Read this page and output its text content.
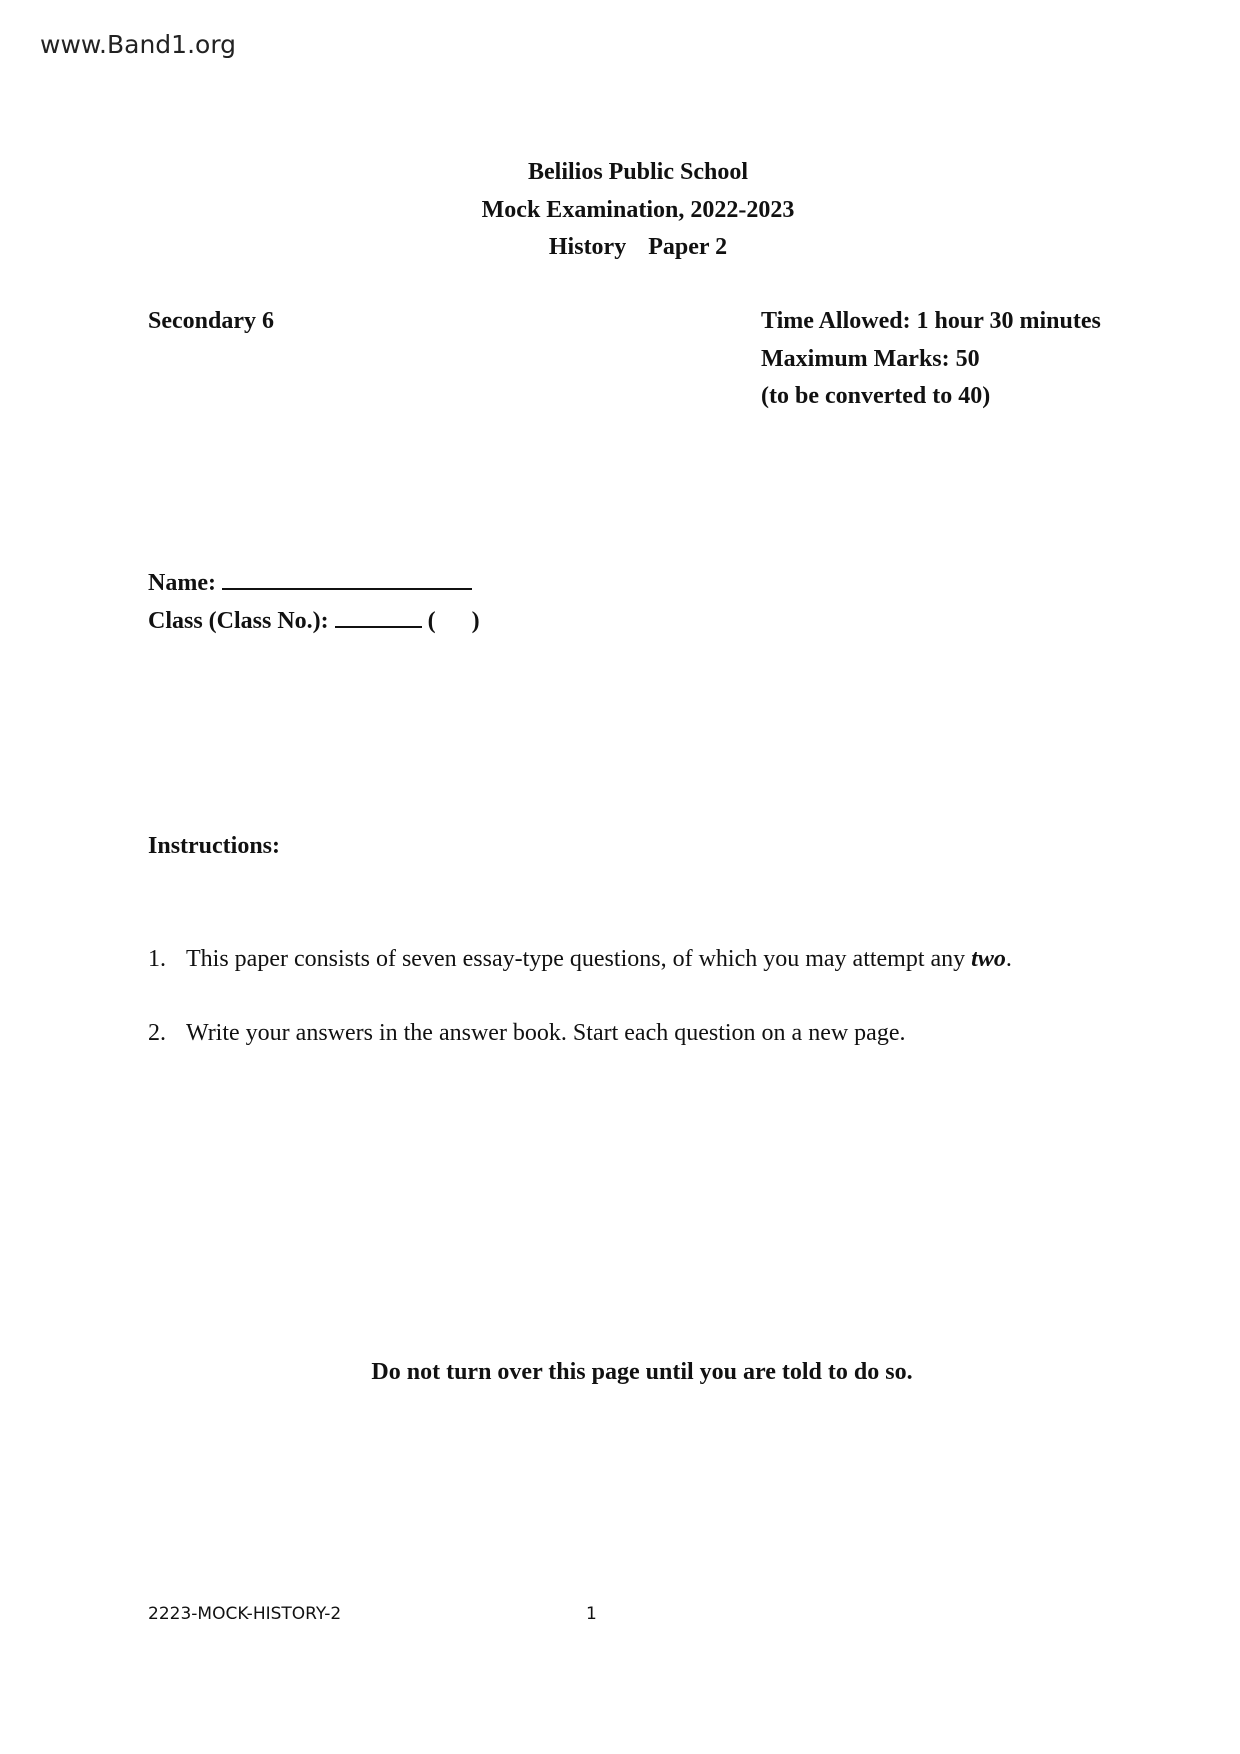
www.Band1.org
Belilios Public School
Mock Examination, 2022-2023
History Paper 2
Secondary 6	Time Allowed: 1 hour 30 minutes
Maximum Marks: 50
(to be converted to 40)
Name:
Class (Class No.):	( )
Instructions:
1. This paper consists of seven essay-type questions, of which you may attempt any two.
2. Write your answers in the answer book. Start each question on a new page.
Do not turn over this page until you are told to do so.
2223-MOCK-HISTORY-2	1
